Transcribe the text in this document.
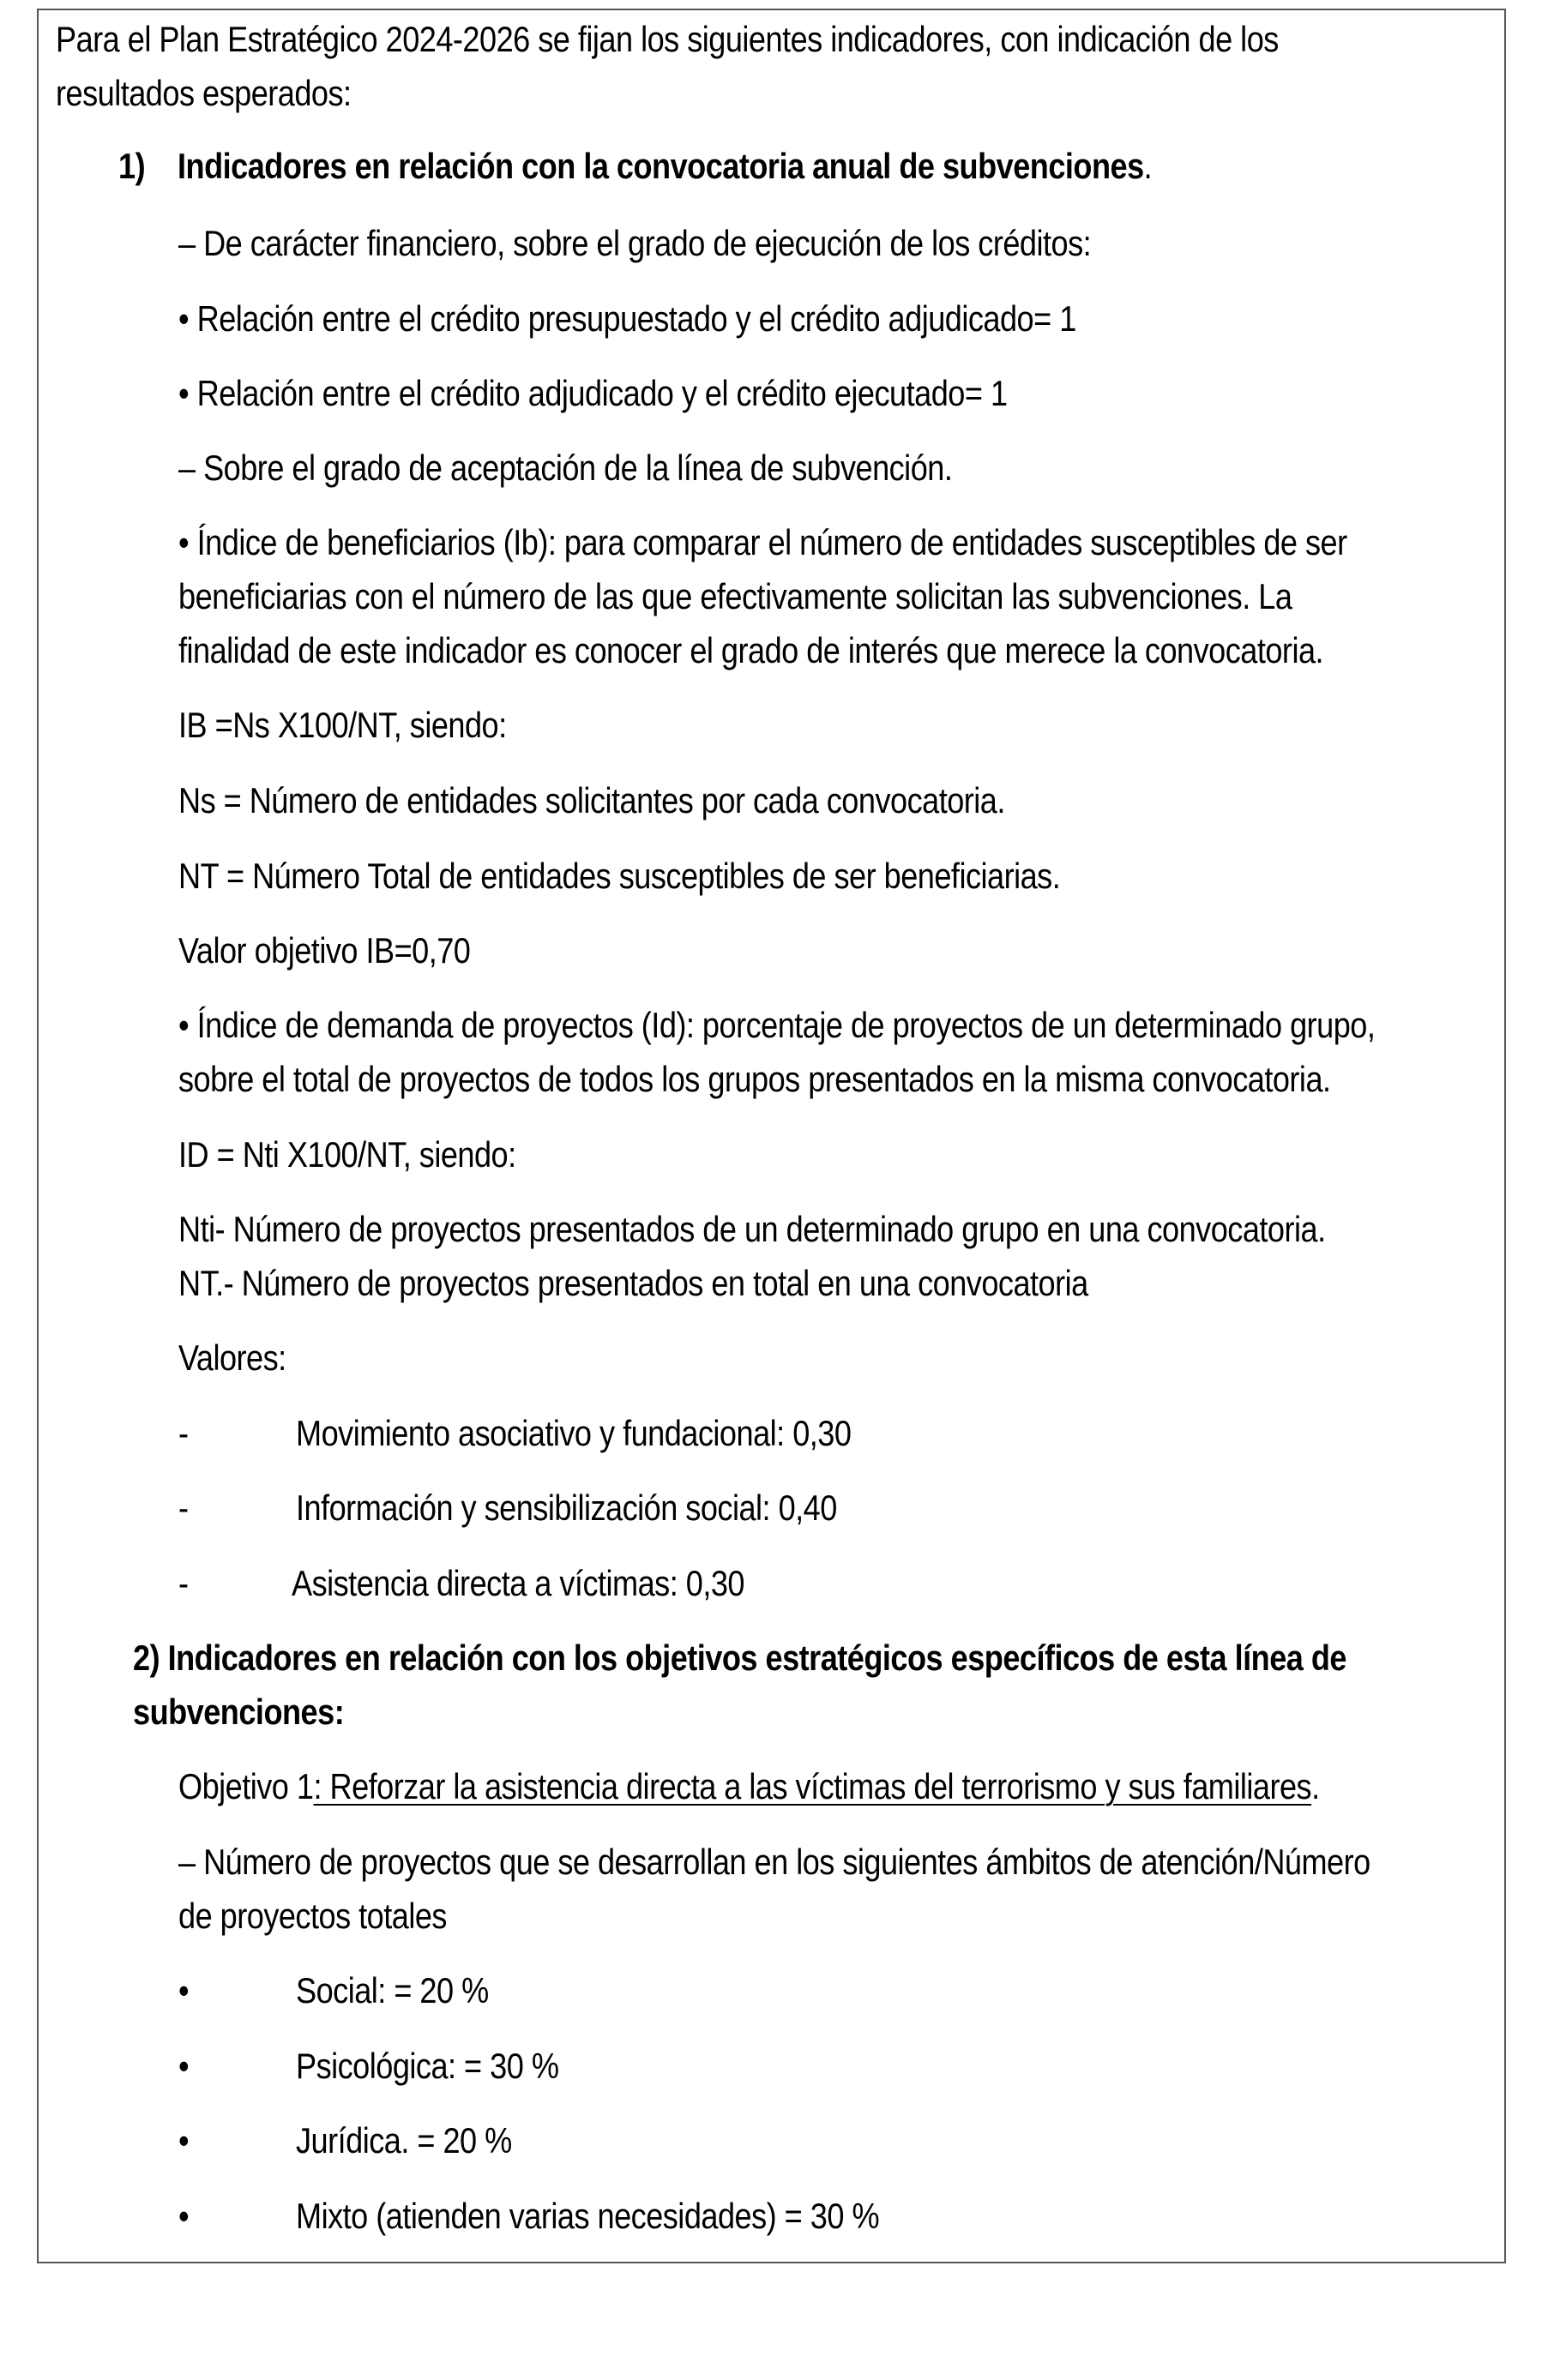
Para el Plan Estratégico 2024-2026 se fijan los siguientes indicadores, con indicación de los
resultados esperados:
1) Indicadores en relación con la convocatoria anual de subvenciones.
– De carácter financiero, sobre el grado de ejecución de los créditos:
• Relación entre el crédito presupuestado y el crédito adjudicado= 1
• Relación entre el crédito adjudicado y el crédito ejecutado= 1
– Sobre el grado de aceptación de la línea de subvención.
• Índice de beneficiarios (Ib): para comparar el número de entidades susceptibles de ser
beneficiarias con el número de las que efectivamente solicitan las subvenciones. La
finalidad de este indicador es conocer el grado de interés que merece la convocatoria.
IB =Ns X100/NT, siendo:
Ns = Número de entidades solicitantes por cada convocatoria.
NT = Número Total de entidades susceptibles de ser beneficiarias.
Valor objetivo IB=0,70
• Índice de demanda de proyectos (Id): porcentaje de proyectos de un determinado grupo,
sobre el total de proyectos de todos los grupos presentados en la misma convocatoria.
ID = Nti X100/NT, siendo:
Nti- Número de proyectos presentados de un determinado grupo en una convocatoria.
NT.- Número de proyectos presentados en total en una convocatoria
Valores:
-	Movimiento asociativo y fundacional: 0,30
-	Información y sensibilización social: 0,40
-	Asistencia directa a víctimas: 0,30
2) Indicadores en relación con los objetivos estratégicos específicos de esta línea de
subvenciones:
Objetivo 1: Reforzar la asistencia directa a las víctimas del terrorismo y sus familiares.
– Número de proyectos que se desarrollan en los siguientes ámbitos de atención/Número
de proyectos totales
•	Social: = 20 %
•	Psicológica: = 30 %
•	Jurídica. = 20 %
•	Mixto (atienden varias necesidades) = 30 %
